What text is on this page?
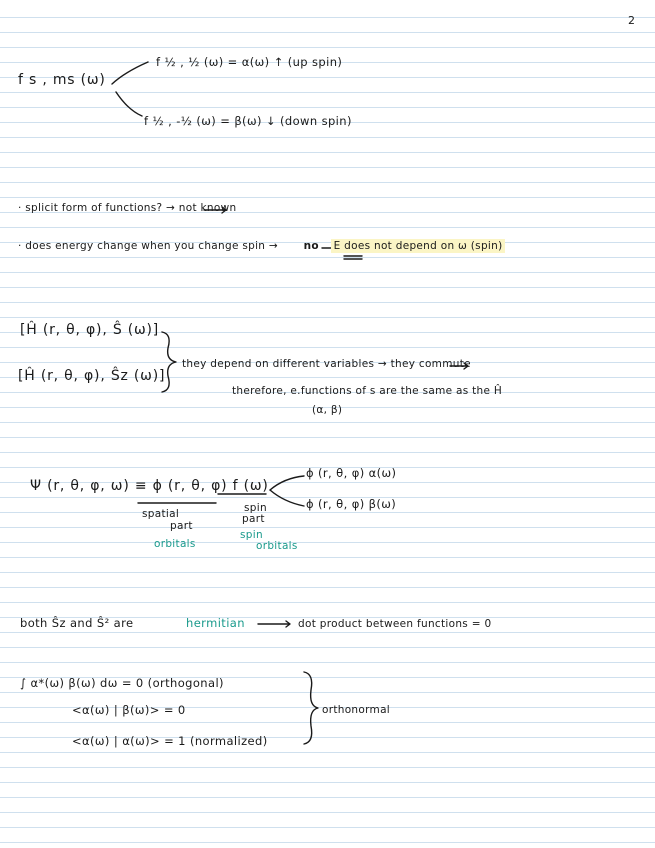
2
f s , ms (ω)
f ½ , ½ (ω) = α(ω) ↑ (up spin)
f ½ , -½ (ω) = β(ω) ↓ (down spin)
· splicit form of functions? → not known
· does energy change when you change spin → no E does not depend on ω (spin)
[Ĥ (r, θ, φ), Ŝ (ω)]
[Ĥ (r, θ, φ), Ŝz (ω)]
they depend on different variables → they commute
therefore, e.functions of s are the same as the Ĥ
(α, β)
Ψ (r, θ, φ, ω) ≡ ϕ (r, θ, φ) f (ω)
ϕ (r, θ, φ) α(ω)
ϕ (r, θ, φ) β(ω)
spatial
part
orbitals
spin
part
spin
orbitals
both Ŝz and Ŝ² are	hermitian	dot product between functions = 0
∫ α*(ω) β(ω) dω = 0 (orthogonal)
<α(ω) | β(ω)> = 0
<α(ω) | α(ω)> = 1 (normalized)
orthonormal
